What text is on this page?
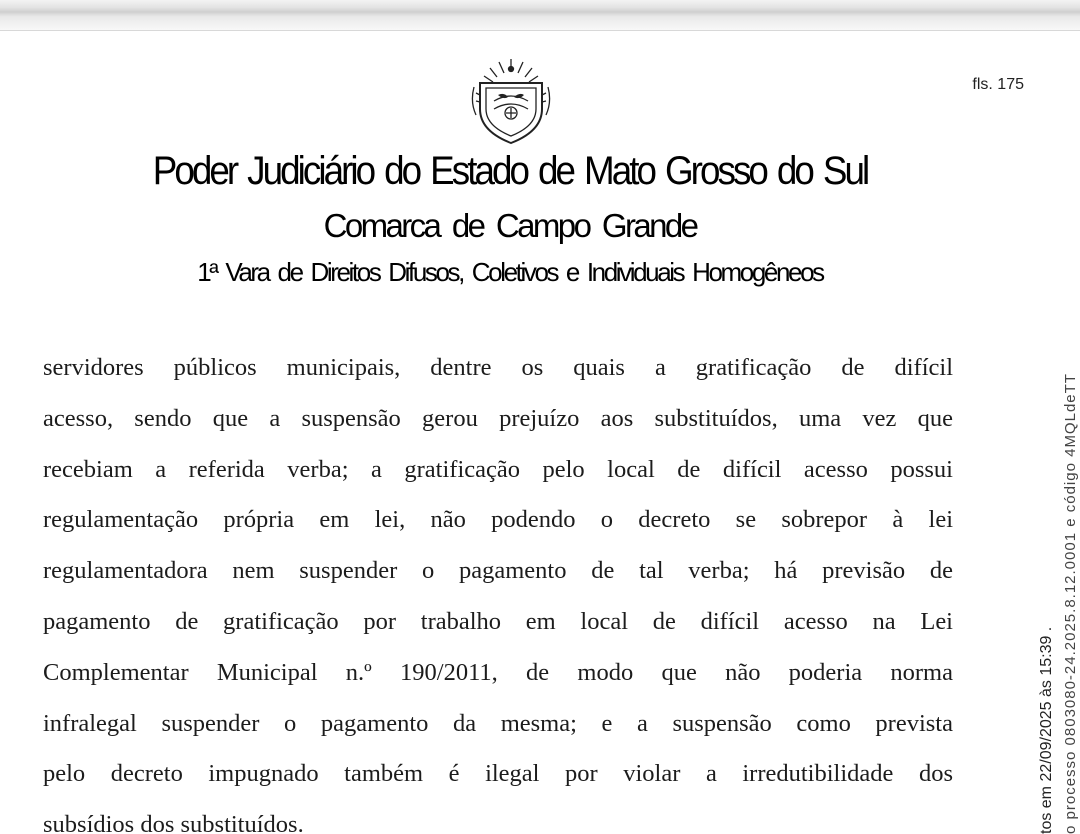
fls. 175
Poder Judiciário do Estado de Mato Grosso do Sul
Comarca de Campo Grande
1ª Vara de Direitos Difusos, Coletivos e Individuais Homogêneos
servidores públicos municipais, dentre os quais a gratificação de difícil
acesso, sendo que a suspensão gerou prejuízo aos substituídos, uma vez que
recebiam a referida verba; a gratificação pelo local de difícil acesso possui
regulamentação própria em lei, não podendo o decreto se sobrepor à lei
regulamentadora nem suspender o pagamento de tal verba; há previsão de
pagamento de gratificação por trabalho em local de difícil acesso na Lei
Complementar Municipal n.º 190/2011, de modo que não poderia norma
infralegal suspender o pagamento da mesma; e a suspensão como prevista
pelo decreto impugnado também é ilegal por violar a irredutibilidade dos
subsídios dos substituídos.	tos em 22/09/2025 às 15:39 . o processo 0803080-24.2025.8.12.0001 e código 4MQLdeTT
